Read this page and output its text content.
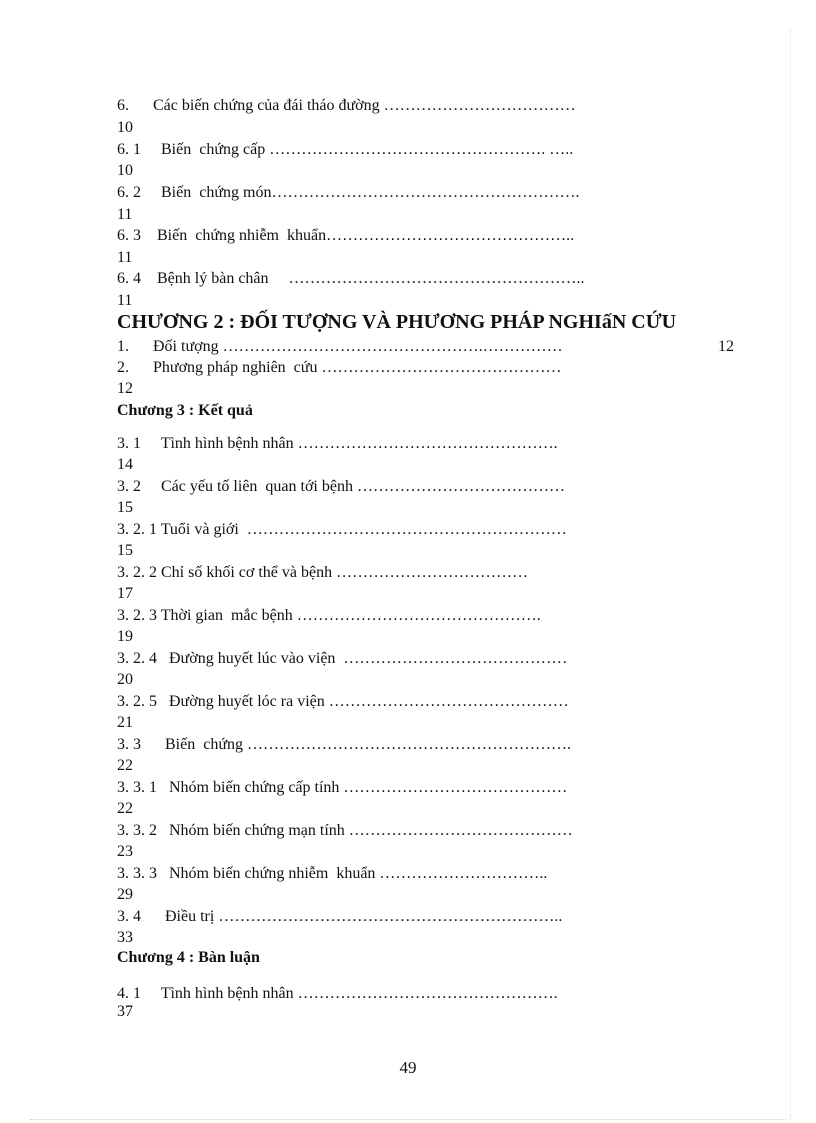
6.      Các biến chứng của đái tháo đường ………………………………
10
6. 1     Biến  chứng cấp ……………………………………………. …..
10
6. 2     Biến  chứng món………………………………………………….
11
6. 3    Biến  chứng nhiễm  khuẩn………………………………………..
11
6. 4    Bệnh lý bàn chân     ………………………………………………..
11
CHƯƠNG 2 : ĐỐI TƯỢNG VÀ PHƯƠNG PHÁP NGHIấN CỨU
1.      Đối tượng ………………………………………….……………	12
2.      Phương pháp nghiên  cứu ………………………………………
12
Chương 3 : Kết quả
3. 1     Tình hình bệnh nhân ………………………………………….
14
3. 2     Các yếu tố liên  quan tới bệnh …………………………………
15
3. 2. 1 Tuổi và giới  ……………………………………………………
15
3. 2. 2 Chỉ số khối cơ thể và bệnh ………………………………
17
3. 2. 3 Thời gian  mắc bệnh ……………………………………….
19
3. 2. 4   Đường huyết lúc vào viện  ……………………………………
20
3. 2. 5   Đường huyết lóc ra viện ………………………………………
21
3. 3      Biến  chứng …………………………………………………….
22
3. 3. 1   Nhóm biến chứng cấp tính ……………………………………
22
3. 3. 2   Nhóm biến chứng mạn tính ……………………………………
23
3. 3. 3   Nhóm biến chứng nhiễm  khuẩn …………………………..
29
3. 4      Điều trị ………………………………………………………..
33
Chương 4 : Bàn luận
4. 1     Tình hình bệnh nhân ………………………………………….
37
49
